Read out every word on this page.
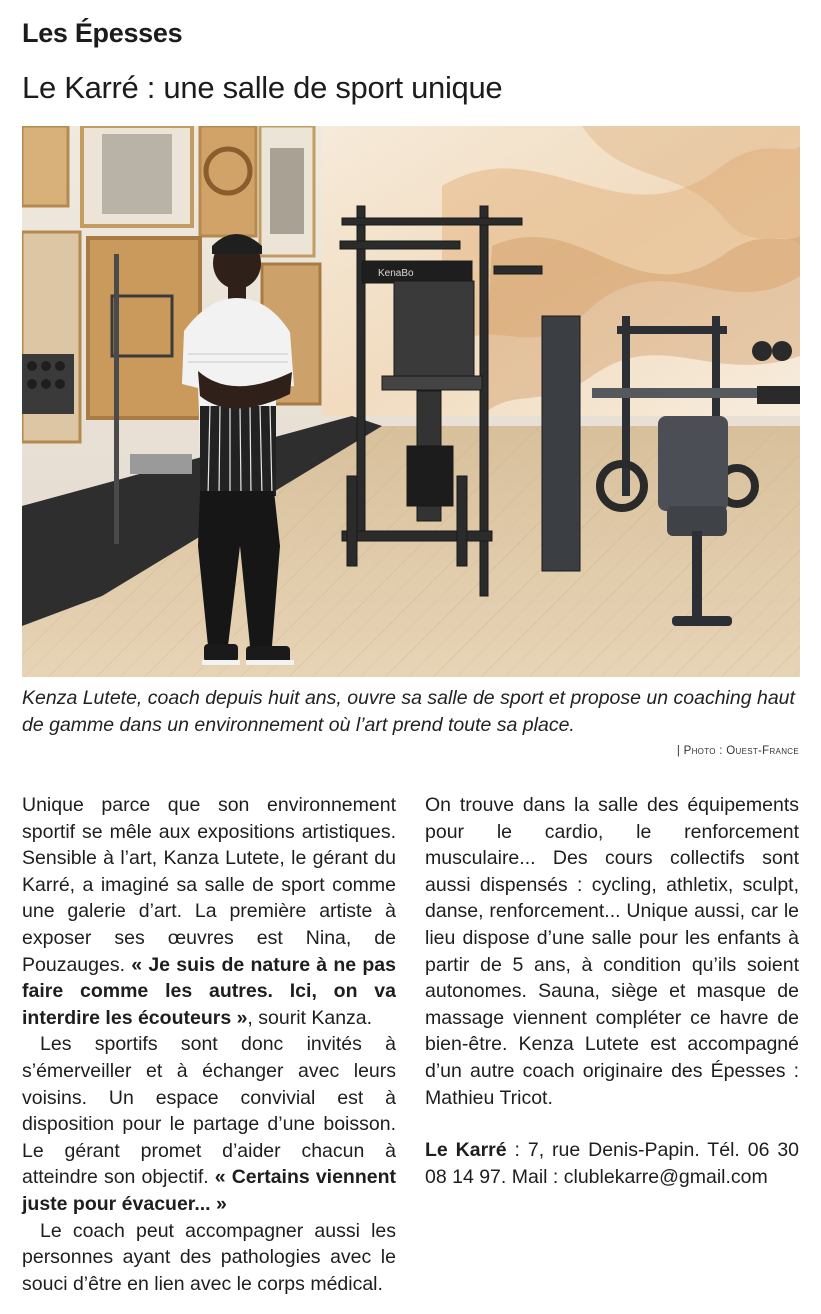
Les Épesses
Le Karré : une salle de sport unique
KenaBo

Kenza Lutete, coach depuis huit ans, ouvre sa salle de sport et propose un coaching haut de gamme dans un environnement où l’art prend toute sa place.

| Photo : Ouest-France

Unique parce que son environnement sportif se mêle aux expositions artistiques. Sensible à l’art, Kanza Lutete, le gérant du Karré, a imaginé sa salle de sport comme une galerie d’art. La première artiste à exposer ses œuvres est Nina, de Pouzauges. « Je suis de nature à ne pas faire comme les autres. Ici, on va interdire les écouteurs », sourit Kanza.

Les sportifs sont donc invités à s’émerveiller et à échanger avec leurs voisins. Un espace convivial est à disposition pour le partage d’une boisson. Le gérant promet d’aider chacun à atteindre son objectif. « Certains viennent juste pour évacuer... »

Le coach peut accompagner aussi les personnes ayant des pathologies avec le souci d’être en lien avec le corps médical.

On trouve dans la salle des équipements pour le cardio, le renforcement musculaire... Des cours collectifs sont aussi dispensés : cycling, athletix, sculpt, danse, renforcement... Unique aussi, car le lieu dispose d’une salle pour les enfants à partir de 5 ans, à condition qu’ils soient autonomes. Sauna, siège et masque de massage viennent compléter ce havre de bien-être. Kenza Lutete est accompagné d’un autre coach originaire des Épesses : Mathieu Tricot.

Le Karré : 7, rue Denis-Papin. Tél. 06 30 08 14 97. Mail : clublekarre@gmail.com
